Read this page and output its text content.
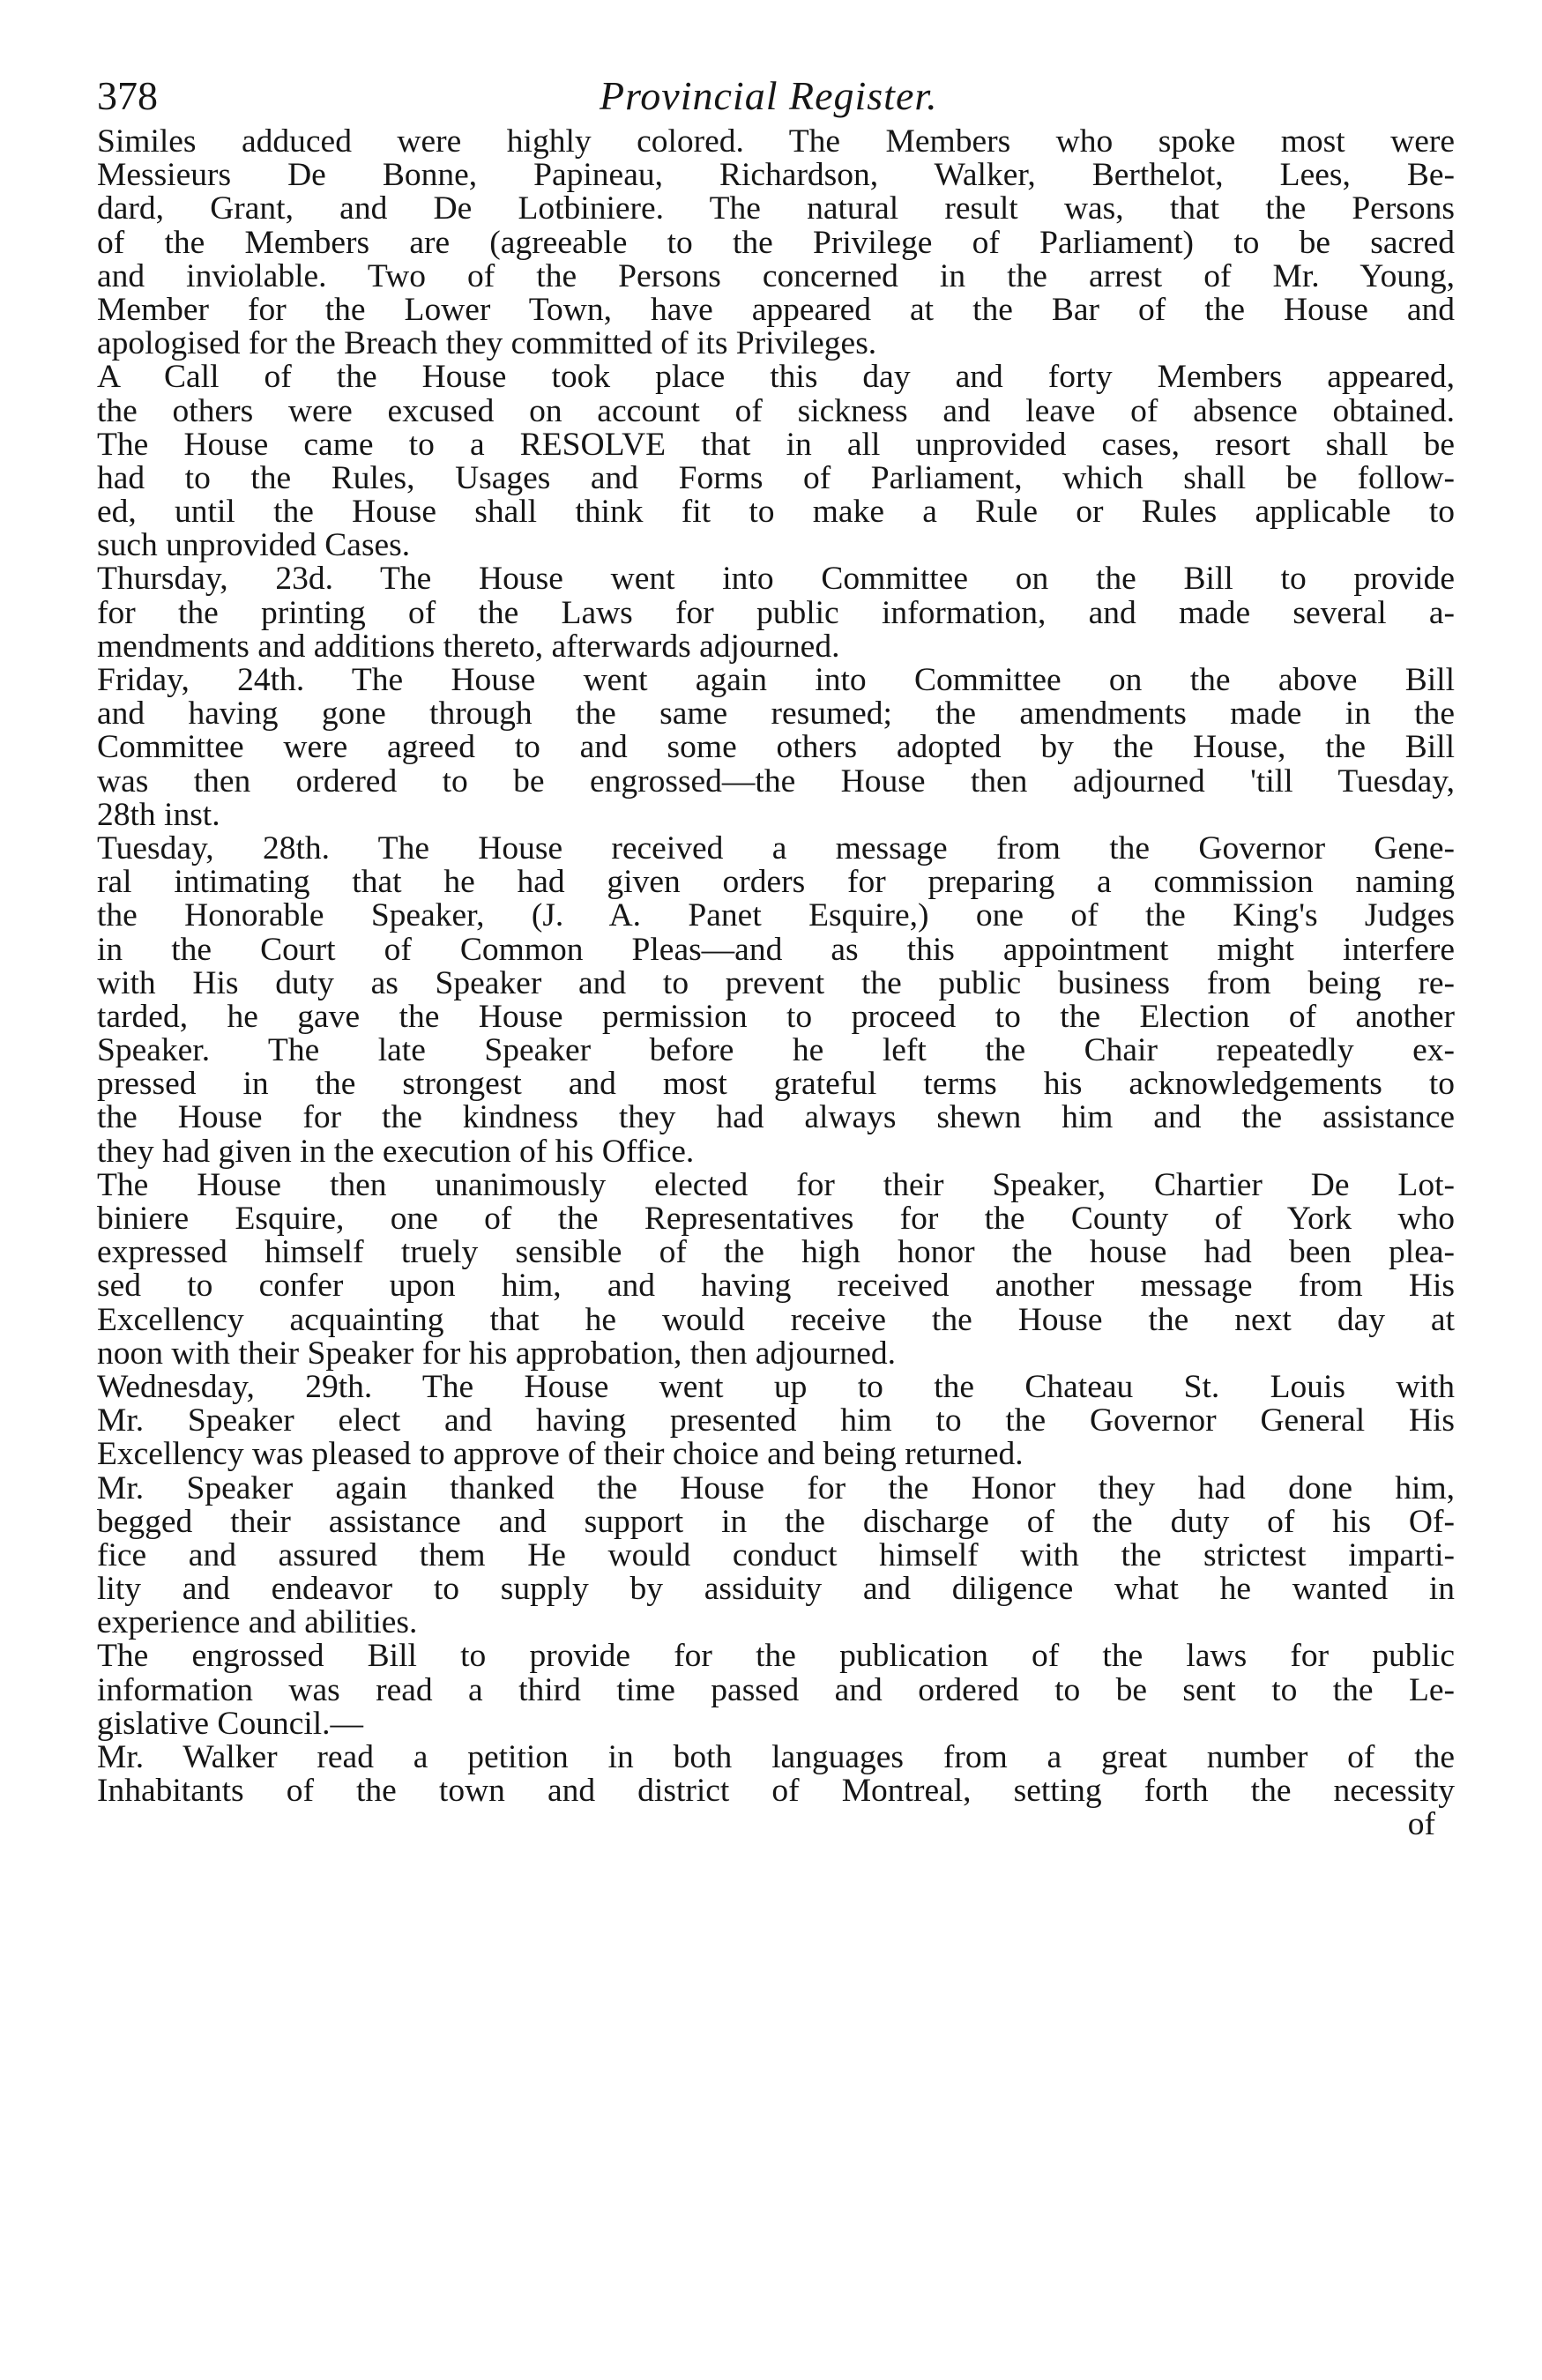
378	Provincial Register.
Similes adduced were highly colored. The Members who spoke most were
Messieurs De Bonne, Papineau, Richardson, Walker, Berthelot, Lees, Be-
dard, Grant, and De Lotbiniere. The natural result was, that the Persons
of the Members are (agreeable to the Privilege of Parliament) to be sacred
and inviolable. Two of the Persons concerned in the arrest of Mr. Young,
Member for the Lower Town, have appeared at the Bar of the House and
apologised for the Breach they committed of its Privileges.
A Call of the House took place this day and forty Members appeared,
the others were excused on account of sickness and leave of absence obtained.
The House came to a RESOLVE that in all unprovided cases, resort shall be
had to the Rules, Usages and Forms of Parliament, which shall be follow-
ed, until the House shall think fit to make a Rule or Rules applicable to
such unprovided Cases.
Thursday, 23d. The House went into Committee on the Bill to provide
for the printing of the Laws for public information, and made several a-
mendments and additions thereto, afterwards adjourned.
Friday, 24th. The House went again into Committee on the above Bill
and having gone through the same resumed; the amendments made in the
Committee were agreed to and some others adopted by the House, the Bill
was then ordered to be engrossed—the House then adjourned 'till Tuesday,
28th inst.
Tuesday, 28th. The House received a message from the Governor Gene-
ral intimating that he had given orders for preparing a commission naming
the Honorable Speaker, (J. A. Panet Esquire,) one of the King's Judges
in the Court of Common Pleas—and as this appointment might interfere
with His duty as Speaker and to prevent the public business from being re-
tarded, he gave the House permission to proceed to the Election of another
Speaker. The late Speaker before he left the Chair repeatedly ex-
pressed in the strongest and most grateful terms his acknowledgements to
the House for the kindness they had always shewn him and the assistance
they had given in the execution of his Office.
The House then unanimously elected for their Speaker, Chartier De Lot-
biniere Esquire, one of the Representatives for the County of York who
expressed himself truely sensible of the high honor the house had been plea-
sed to confer upon him, and having received another message from His
Excellency acquainting that he would receive the House the next day at
noon with their Speaker for his approbation, then adjourned.
Wednesday, 29th. The House went up to the Chateau St. Louis with
Mr. Speaker elect and having presented him to the Governor General His
Excellency was pleased to approve of their choice and being returned.
Mr. Speaker again thanked the House for the Honor they had done him,
begged their assistance and support in the discharge of the duty of his Of-
fice and assured them He would conduct himself with the strictest imparti-
lity and endeavor to supply by assiduity and diligence what he wanted in
experience and abilities.
The engrossed Bill to provide for the publication of the laws for public
information was read a third time passed and ordered to be sent to the Le-
gislative Council.—
Mr. Walker read a petition in both languages from a great number of the
Inhabitants of the town and district of Montreal, setting forth the necessity
of
